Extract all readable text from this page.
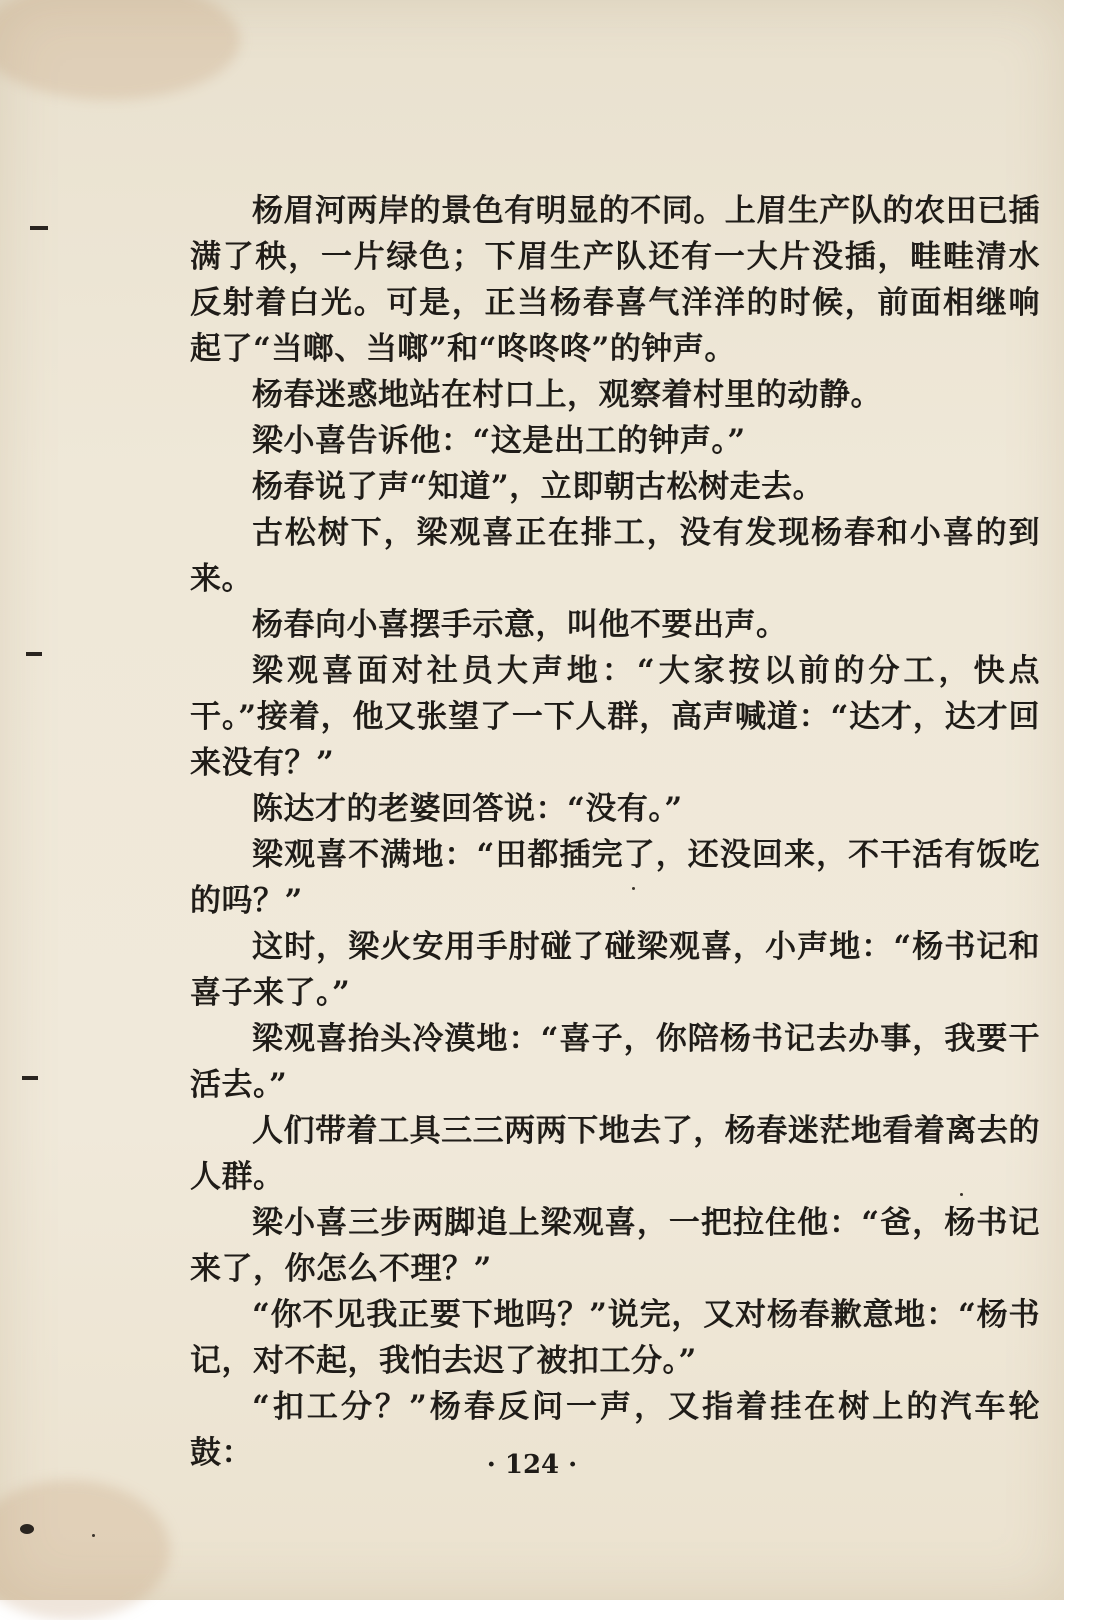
杨眉河两岸的景色有明显的不同。上眉生产队的农田已插满了秧，一片绿色；下眉生产队还有一大片没插，畦畦清水反射着白光。可是，正当杨春喜气洋洋的时候，前面相继响起了“当啷、当啷”和“咚咚咚”的钟声。

杨春迷惑地站在村口上，观察着村里的动静。

梁小喜告诉他：“这是出工的钟声。”

杨春说了声“知道”，立即朝古松树走去。

古松树下，梁观喜正在排工，没有发现杨春和小喜的到来。

杨春向小喜摆手示意，叫他不要出声。

梁观喜面对社员大声地：“大家按以前的分工，快点干。”接着，他又张望了一下人群，高声喊道：“达才，达才回来没有？”

陈达才的老婆回答说：“没有。”

梁观喜不满地：“田都插完了，还没回来，不干活有饭吃的吗？”

这时，梁火安用手肘碰了碰梁观喜，小声地：“杨书记和喜子来了。”

梁观喜抬头冷漠地：“喜子，你陪杨书记去办事，我要干活去。”

人们带着工具三三两两下地去了，杨春迷茫地看着离去的人群。

梁小喜三步两脚追上梁观喜，一把拉住他：“爸，杨书记来了，你怎么不理？”

“你不见我正要下地吗？”说完，又对杨春歉意地：“杨书记，对不起，我怕去迟了被扣工分。”

“扣工分？”杨春反问一声，又指着挂在树上的汽车轮鼓：	· 124 ·
